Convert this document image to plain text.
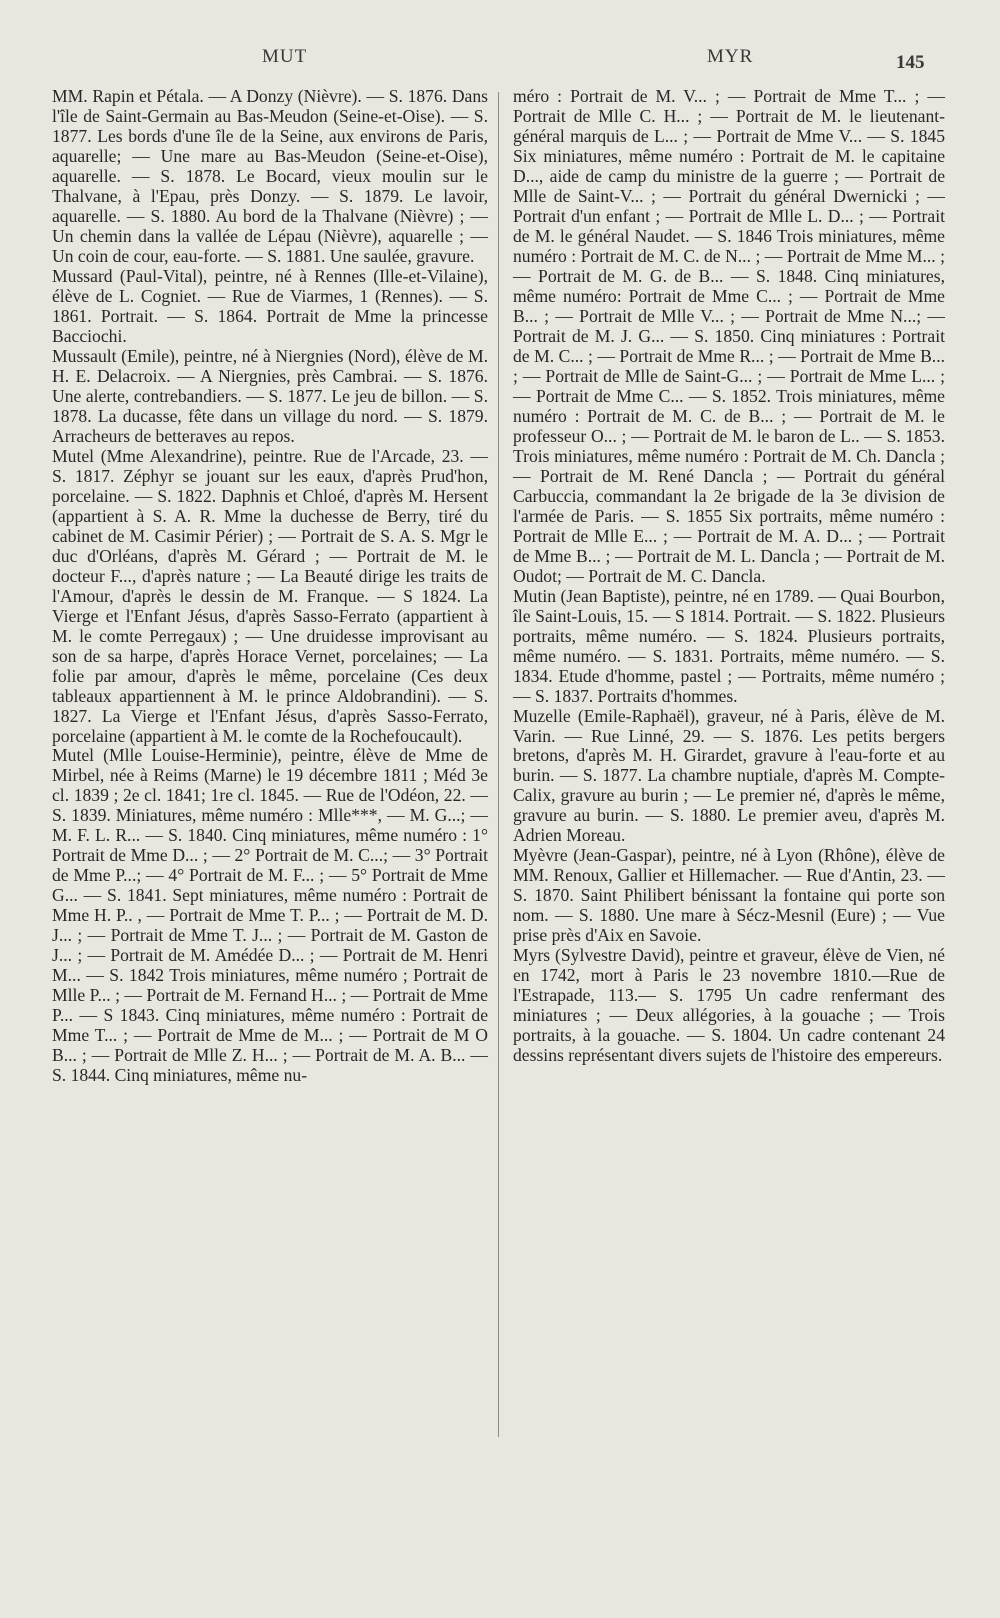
MUT	MYR	145

MM. Rapin et Pétala. — A Donzy (Nièvre). — S. 1876. Dans l'île de Saint-Germain au Bas-Meudon (Seine-et-Oise). — S. 1877. Les bords d'une île de la Seine, aux environs de Paris, aquarelle; — Une mare au Bas-Meudon (Seine-et-Oise), aquarelle. — S. 1878. Le Bocard, vieux moulin sur le Thalvane, à l'Epau, près Donzy. — S. 1879. Le lavoir, aquarelle. — S. 1880. Au bord de la Thalvane (Nièvre) ; — Un chemin dans la vallée de Lépau (Nièvre), aquarelle ; — Un coin de cour, eau-forte. — S. 1881. Une saulée, gravure.

Mussard (Paul-Vital), peintre, né à Rennes (Ille-et-Vilaine), élève de L. Cogniet. — Rue de Viarmes, 1 (Rennes). — S. 1861. Portrait. — S. 1864. Portrait de Mme la princesse Bacciochi.

Mussault (Emile), peintre, né à Niergnies (Nord), élève de M. H. E. Delacroix. — A Niergnies, près Cambrai. — S. 1876. Une alerte, contrebandiers. — S. 1877. Le jeu de billon. — S. 1878. La ducasse, fête dans un village du nord. — S. 1879. Arracheurs de betteraves au repos.

Mutel (Mme Alexandrine), peintre. Rue de l'Arcade, 23. — S. 1817. Zéphyr se jouant sur les eaux, d'après Prud'hon, porcelaine. — S. 1822. Daphnis et Chloé, d'après M. Hersent (appartient à S. A. R. Mme la duchesse de Berry, tiré du cabinet de M. Casimir Périer) ; — Portrait de S. A. S. Mgr le duc d'Orléans, d'après M. Gérard ; — Portrait de M. le docteur F..., d'après nature ; — La Beauté dirige les traits de l'Amour, d'après le dessin de M. Franque. — S 1824. La Vierge et l'Enfant Jésus, d'après Sasso-Ferrato (appartient à M. le comte Perregaux) ; — Une druidesse improvisant au son de sa harpe, d'après Horace Vernet, porcelaines; — La folie par amour, d'après le même, porcelaine (Ces deux tableaux appartiennent à M. le prince Aldobrandini). — S. 1827. La Vierge et l'Enfant Jésus, d'après Sasso-Ferrato, porcelaine (appartient à M. le comte de la Rochefoucault).

Mutel (Mlle Louise-Herminie), peintre, élève de Mme de Mirbel, née à Reims (Marne) le 19 décembre 1811 ; Méd 3e cl. 1839 ; 2e cl. 1841; 1re cl. 1845. — Rue de l'Odéon, 22. — S. 1839. Miniatures, même numéro : Mlle***, — M. G...; — M. F. L. R... — S. 1840. Cinq miniatures, même numéro : 1° Portrait de Mme D... ; — 2° Portrait de M. C...; — 3° Portrait de Mme P...; — 4° Portrait de M. F... ; — 5° Portrait de Mme G... — S. 1841. Sept miniatures, même numéro : Portrait de Mme H. P.. , — Portrait de Mme T. P... ; — Portrait de M. D. J... ; — Portrait de Mme T. J... ; — Portrait de M. Gaston de J... ; — Portrait de M. Amédée D... ; — Portrait de M. Henri M... — S. 1842 Trois miniatures, même numéro ; Portrait de Mlle P... ; — Portrait de M. Fernand H... ; — Portrait de Mme P... — S 1843. Cinq miniatures, même numéro : Portrait de Mme T... ; — Portrait de Mme de M... ; — Portrait de M O B... ; — Portrait de Mlle Z. H... ; — Portrait de M. A. B... — S. 1844. Cinq miniatures, même nu-

méro : Portrait de M. V... ; — Portrait de Mme T... ; — Portrait de Mlle C. H... ; — Portrait de M. le lieutenant-général marquis de L... ; — Portrait de Mme V... — S. 1845 Six miniatures, même numéro : Portrait de M. le capitaine D..., aide de camp du ministre de la guerre ; — Portrait de Mlle de Saint-V... ; — Portrait du général Dwernicki ; — Portrait d'un enfant ; — Portrait de Mlle L. D... ; — Portrait de M. le général Naudet. — S. 1846 Trois miniatures, même numéro : Portrait de M. C. de N... ; — Portrait de Mme M... ; — Portrait de M. G. de B... — S. 1848. Cinq miniatures, même numéro: Portrait de Mme C... ; — Portrait de Mme B... ; — Portrait de Mlle V... ; — Portrait de Mme N...; — Portrait de M. J. G... — S. 1850. Cinq miniatures : Portrait de M. C... ; — Portrait de Mme R... ; — Portrait de Mme B... ; — Portrait de Mlle de Saint-G... ; — Portrait de Mme L... ; — Portrait de Mme C... — S. 1852. Trois miniatures, même numéro : Portrait de M. C. de B... ; — Portrait de M. le professeur O... ; — Portrait de M. le baron de L.. — S. 1853. Trois miniatures, même numéro : Portrait de M. Ch. Dancla ; — Portrait de M. René Dancla ; — Portrait du général Carbuccia, commandant la 2e brigade de la 3e division de l'armée de Paris. — S. 1855 Six portraits, même numéro : Portrait de Mlle E... ; — Portrait de M. A. D... ; — Portrait de Mme B... ; — Portrait de M. L. Dancla ; — Portrait de M. Oudot; — Portrait de M. C. Dancla.

Mutin (Jean Baptiste), peintre, né en 1789. — Quai Bourbon, île Saint-Louis, 15. — S 1814. Portrait. — S. 1822. Plusieurs portraits, même numéro. — S. 1824. Plusieurs portraits, même numéro. — S. 1831. Portraits, même numéro. — S. 1834. Etude d'homme, pastel ; — Portraits, même numéro ; — S. 1837. Portraits d'hommes.

Muzelle (Emile-Raphaël), graveur, né à Paris, élève de M. Varin. — Rue Linné, 29. — S. 1876. Les petits bergers bretons, d'après M. H. Girardet, gravure à l'eau-forte et au burin. — S. 1877. La chambre nuptiale, d'après M. Compte-Calix, gravure au burin ; — Le premier né, d'après le même, gravure au burin. — S. 1880. Le premier aveu, d'après M. Adrien Moreau.

Myèvre (Jean-Gaspar), peintre, né à Lyon (Rhône), élève de MM. Renoux, Gallier et Hillemacher. — Rue d'Antin, 23. — S. 1870. Saint Philibert bénissant la fontaine qui porte son nom. — S. 1880. Une mare à Sécz-Mesnil (Eure) ; — Vue prise près d'Aix en Savoie.

Myrs (Sylvestre David), peintre et graveur, élève de Vien, né en 1742, mort à Paris le 23 novembre 1810.—Rue de l'Estrapade, 113.— S. 1795 Un cadre renfermant des miniatures ; — Deux allégories, à la gouache ; — Trois portraits, à la gouache. — S. 1804. Un cadre contenant 24 dessins représentant divers sujets de l'histoire des empereurs.
